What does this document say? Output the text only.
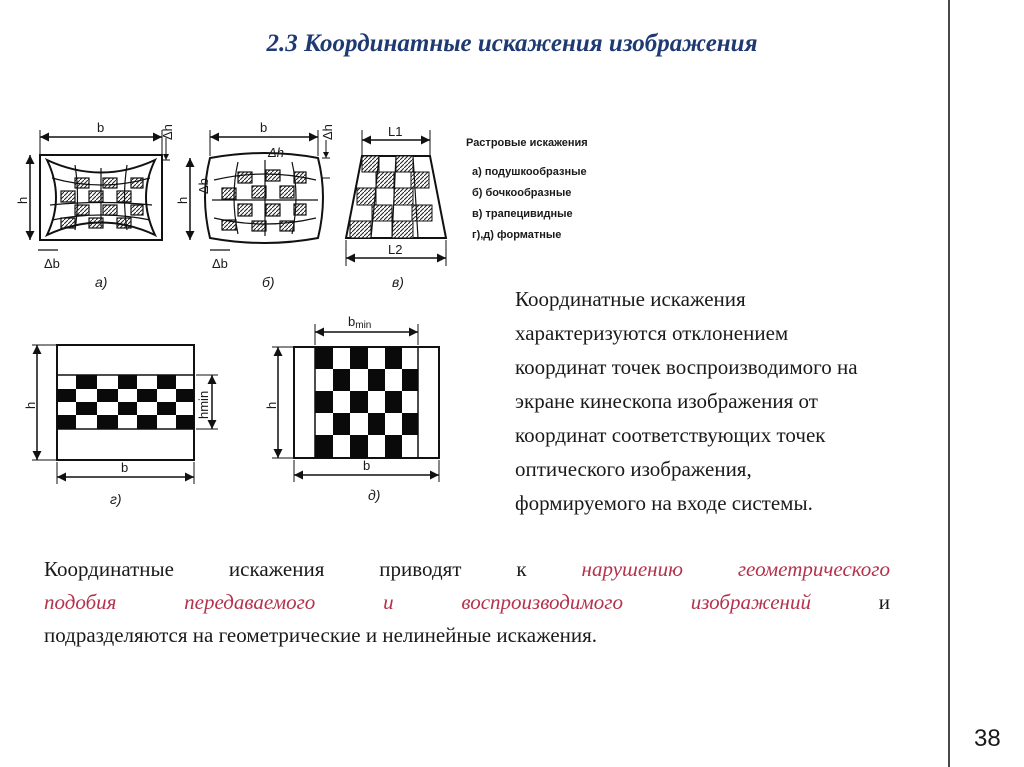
2.3 Координатные искажения изображения
b
h
Δh
Δb
а)
b
Δh
h
Δb
Δh
Δb
б)
L1
L2
в)
Растровые искажения
а) подушкообразные
б) бочкообразные
в) трапецивидные
г),д) форматные
h	hmin
b
г)
bmin
h
b
д)
Координатные искажения
характеризуются отклонением
координат точек воспроизводимого на
экране кинескопа изображения от
координат соответствующих точек
оптического изображения,
формируемого на входе системы.
Координатные искажения приводят к	нарушению геометрического
подобия передаваемого и воспроизводимого изображений	и
подразделяются на геометрические и нелинейные искажения.
38
